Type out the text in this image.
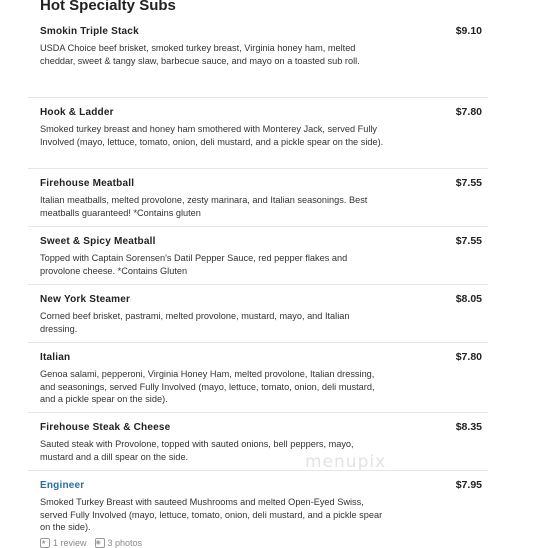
Hot Specialty Subs
Smokin Triple Stack	$9.10
USDA Choice beef brisket, smoked turkey breast, Virginia honey ham, melted cheddar, sweet & tangy slaw, barbecue sauce, and mayo on a toasted sub roll.
Hook & Ladder	$7.80
Smoked turkey breast and honey ham smothered with Monterey Jack, served Fully Involved (mayo, lettuce, tomato, onion, deli mustard, and a pickle spear on the side).
Firehouse Meatball	$7.55
Italian meatballs, melted provolone, zesty marinara, and Italian seasonings. Best meatballs guaranteed! *Contains gluten
Sweet & Spicy Meatball	$7.55
Topped with Captain Sorensen's Datil Pepper Sauce, red pepper flakes and provolone cheese. *Contains Gluten
New York Steamer	$8.05
Corned beef brisket, pastrami, melted provolone, mustard, mayo, and Italian dressing.
Italian	$7.80
Genoa salami, pepperoni, Virginia Honey Ham, melted provolone, Italian dressing, and seasonings, served Fully Involved (mayo, lettuce, tomato, onion, deli mustard, and a pickle spear on the side).
Firehouse Steak & Cheese	$8.35
Sauted steak with Provolone, topped with sauted onions, bell peppers, mayo, mustard and a dill spear on the side.
Engineer	$7.95
Smoked Turkey Breast with sauteed Mushrooms and melted Open-Eyed Swiss, served Fully Involved (mayo, lettuce, tomato, onion, deli mustard, and a pickle spear on the side).
★ 1 review ◉ 3 photos
menupix
